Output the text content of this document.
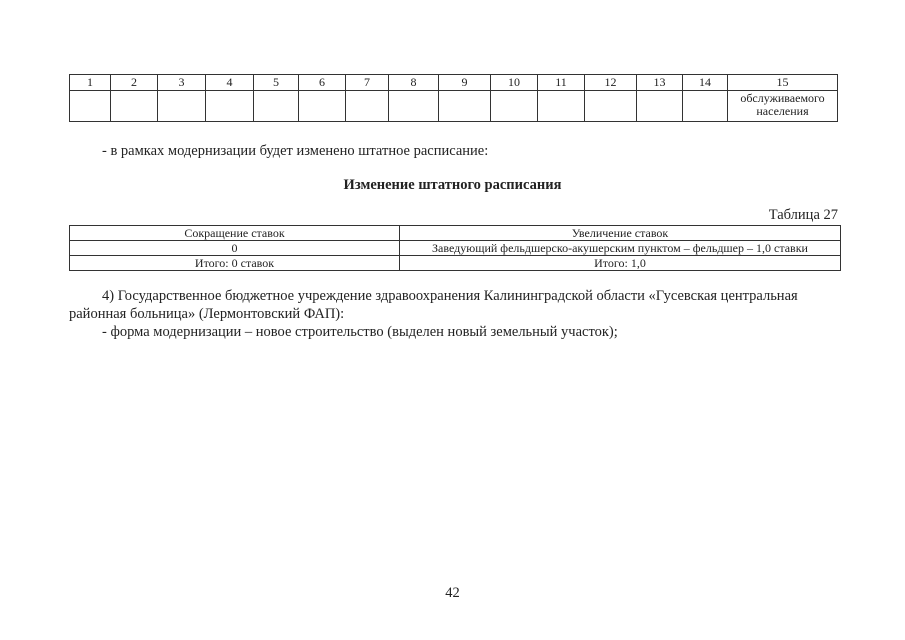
1	2	3	4	5	6	7	8	9	10	11	12	13	14	15
														обслуживаемого населения

- в рамках модернизации будет изменено штатное расписание:

Изменение штатного расписания

Таблица 27

Сокращение ставок	Увеличение ставок
0	Заведующий фельдшерско-акушерским пунктом – фельдшер – 1,0 ставки
Итого: 0 ставок	Итого: 1,0

4) Государственное бюджетное учреждение здравоохранения Калининградской области «Гусевская центральная районная больница» (Лермонтовский ФАП):

- форма модернизации – новое строительство (выделен новый земельный участок);

42
